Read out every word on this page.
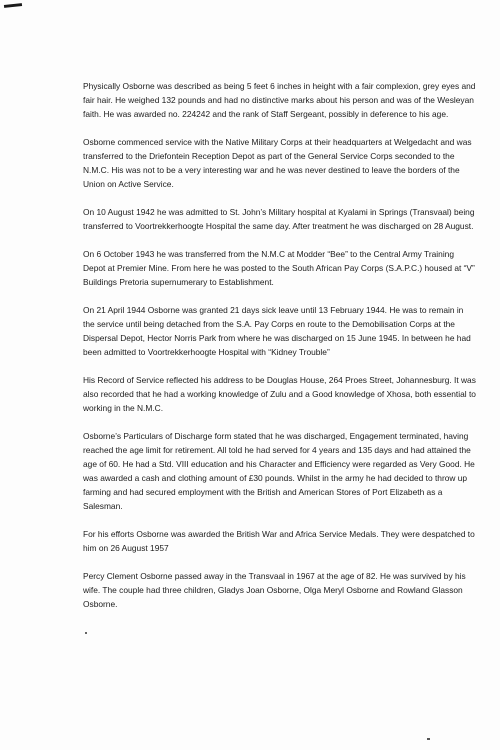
Physically Osborne was described as being 5 feet 6 inches in height with a fair complexion, grey eyes and fair hair. He weighed 132 pounds and had no distinctive marks about his person and was of the Wesleyan faith. He was awarded no. 224242 and the rank of Staff Sergeant, possibly in deference to his age.

Osborne commenced service with the Native Military Corps at their headquarters at Welgedacht and was transferred to the Driefontein Reception Depot as part of the General Service Corps seconded to the N.M.C. His was not to be a very interesting war and he was never destined to leave the borders of the Union on Active Service.

On 10 August 1942 he was admitted to St. John’s Military hospital at Kyalami in Springs (Transvaal) being transferred to Voortrekkerhoogte Hospital the same day. After treatment he was discharged on 28 August.

On 6 October 1943 he was transferred from the N.M.C at Modder “Bee” to the Central Army Training Depot at Premier Mine. From here he was posted to the South African Pay Corps (S.A.P.C.) housed at “V” Buildings Pretoria supernumerary to Establishment.

On 21 April 1944 Osborne was granted 21 days sick leave until 13 February 1944. He was to remain in the service until being detached from the S.A. Pay Corps en route to the Demobilisation Corps at the Dispersal Depot, Hector Norris Park from where he was discharged on 15 June 1945. In between he had been admitted to Voortrekkerhoogte Hospital with “Kidney Trouble”

His Record of Service reflected his address to be Douglas House, 264 Proes Street, Johannesburg. It was also recorded that he had a working knowledge of Zulu and a Good knowledge of Xhosa, both essential to working in the N.M.C.

Osborne’s Particulars of Discharge form stated that he was discharged, Engagement terminated, having reached the age limit for retirement. All told he had served for 4 years and 135 days and had attained the age of 60. He had a Std. VIII education and his Character and Efficiency were regarded as Very Good. He was awarded a cash and clothing amount of £30 pounds. Whilst in the army he had decided to throw up farming and had secured employment with the British and American Stores of Port Elizabeth as a Salesman.

For his efforts Osborne was awarded the British War and Africa Service Medals. They were despatched to him on 26 August 1957

Percy Clement Osborne passed away in the Transvaal in 1967 at the age of 82. He was survived by his wife. The couple had three children, Gladys Joan Osborne, Olga Meryl Osborne and Rowland Glasson Osborne.
